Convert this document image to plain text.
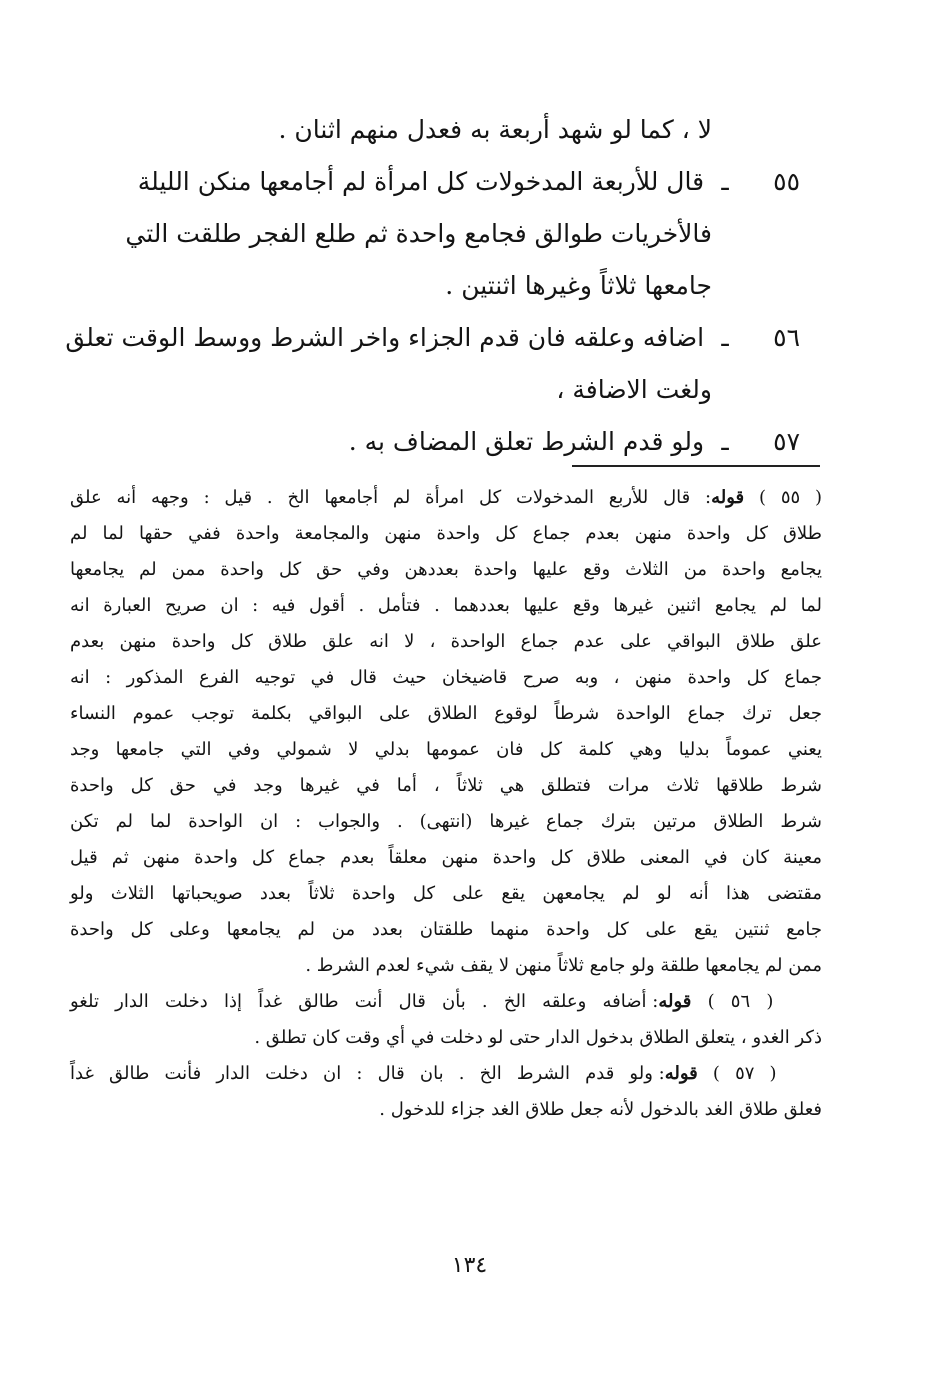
لا ، كما لو شهد أربعة به فعدل منهم اثنان .
٥٥ـ قال للأربعة المدخولات كل امرأة لم أجامعها منكن الليلة
فالأخريات طوالق فجامع واحدة ثم طلع الفجر طلقت التي
جامعها ثلاثاً وغيرها اثنتين .
٥٦ـ اضافه وعلقه فان قدم الجزاء واخر الشرط ووسط الوقت تعلق
ولغت الاضافة ،
٥٧ـ ولو قدم الشرط تعلق المضاف به .
( ٥٥ ) قوله: قال للأربع المدخولات كل امرأة لم أجامعها الخ . قيل : وجهه أنه علق
طلاق كل واحدة منهن بعدم جماع كل واحدة منهن والمجامعة واحدة ففي حقها لما لم
يجامع واحدة من الثلاث وقع عليها واحدة بعددهن وفي حق كل واحدة ممن لم يجامعها
لما لم يجامع اثنين غيرها وقع عليها بعددهما . فتأمل . أقول فيه : ان صريح العبارة انه
علق طلاق البواقي على عدم جماع الواحدة ، لا انه علق طلاق كل واحدة منهن بعدم
جماع كل واحدة منهن ، وبه صرح قاضيخان حيث قال في توجيه الفرع المذكور : انه
جعل ترك جماع الواحدة شرطاً لوقوع الطلاق على البواقي بكلمة توجب عموم النساء
يعني عموماً بدليا وهي كلمة كل فان عمومها بدلي لا شمولي وفي التي جامعها وجد
شرط طلاقها ثلاث مرات فتطلق هي ثلاثاً ، أما في غيرها وجد في حق كل واحدة
شرط الطلاق مرتين بترك جماع غيرها (انتهى) . والجواب : ان الواحدة لما لم تكن
معينة كان في المعنى طلاق كل واحدة منهن معلقاً بعدم جماع كل واحدة منهن ثم قيل
مقتضى هذا أنه لو لم يجامعهن يقع على كل واحدة ثلاثاً بعدد صويحباتها الثلاث ولو
جامع ثنتين يقع على كل واحدة منهما طلقتان بعدد من لم يجامعها وعلى كل واحدة
ممن لم يجامعها طلقة ولو جامع ثلاثاً منهن لا يقف شيء لعدم الشرط .
( ٥٦ ) قوله: أضافه وعلقه الخ . بأن قال أنت طالق غداً إذا دخلت الدار تلغو
ذكر الغدو ، يتعلق الطلاق بدخول الدار حتى لو دخلت في أي وقت كان تطلق .
( ٥٧ ) قوله: ولو قدم الشرط الخ . بان قال : ان دخلت الدار فأنت طالق غداً
فعلق طلاق الغد بالدخول لأنه جعل طلاق الغد جزاء للدخول .
١٣٤
